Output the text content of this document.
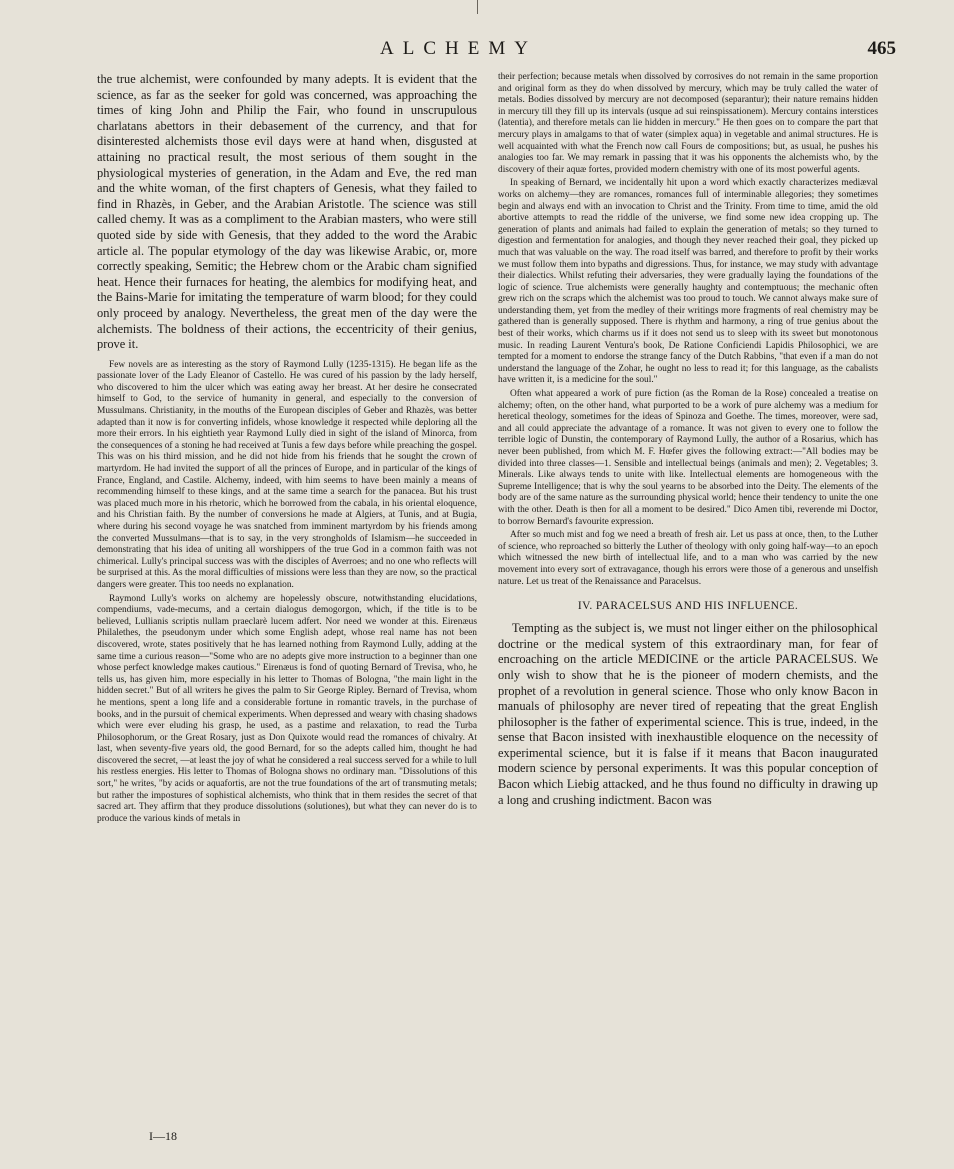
ALCHEMY	465

the true alchemist, were confounded by many adepts. It is evident that the science, as far as the seeker for gold was concerned, was approaching the times of king John and Philip the Fair, who found in unscrupulous charlatans abettors in their debasement of the currency, and that for disinterested alchemists those evil days were at hand when, disgusted at attaining no practical result, the most serious of them sought in the physiological mysteries of generation, in the Adam and Eve, the red man and the white woman, of the first chapters of Genesis, what they failed to find in Rhazès, in Geber, and the Arabian Aristotle. The science was still called chemy. It was as a compliment to the Arabian masters, who were still quoted side by side with Genesis, that they added to the word the Arabic article al. The popular etymology of the day was likewise Arabic, or, more correctly speaking, Semitic; the Hebrew chom or the Arabic cham signified heat. Hence their furnaces for heating, the alembics for modifying heat, and the Bains-Marie for imitating the temperature of warm blood; for they could only proceed by analogy. Nevertheless, the great men of the day were the alchemists. The boldness of their actions, the eccentricity of their genius, prove it.

Few novels are as interesting as the story of Raymond Lully (1235-1315). He began life as the passionate lover of the Lady Eleanor of Castello. He was cured of his passion by the lady herself, who discovered to him the ulcer which was eating away her breast. At her desire he consecrated himself to God, to the service of humanity in general, and especially to the conversion of Mussulmans. Christianity, in the mouths of the European disciples of Geber and Rhazès, was better adapted than it now is for converting infidels, whose knowledge it respected while deploring all the more their errors. In his eightieth year Raymond Lully died in sight of the island of Minorca, from the consequences of a stoning he had received at Tunis a few days before while preaching the gospel. This was on his third mission, and he did not hide from his friends that he sought the crown of martyrdom. He had invited the support of all the princes of Europe, and in particular of the kings of France, England, and Castile. Alchemy, indeed, with him seems to have been mainly a means of recommending himself to these kings, and at the same time a search for the panacea. But his trust was placed much more in his rhetoric, which he borrowed from the cabala, in his oriental eloquence, and his Christian faith. By the number of conversions he made at Algiers, at Tunis, and at Bugia, where during his second voyage he was snatched from imminent martyrdom by his friends among the converted Mussulmans—that is to say, in the very strongholds of Islamism—he succeeded in demonstrating that his idea of uniting all worshippers of the true God in a common faith was not chimerical. Lully's principal success was with the disciples of Averroes; and no one who reflects will be surprised at this. As the moral difficulties of missions were less than they are now, so the practical dangers were greater. This too needs no explanation.

Raymond Lully's works on alchemy are hopelessly obscure, notwithstanding elucidations, compendiums, vade-mecums, and a certain dialogus demogorgon, which, if the title is to be believed, Lullianis scriptis nullam praeclarè lucem adfert. Nor need we wonder at this. Eirenæus Philalethes, the pseudonym under which some English adept, whose real name has not been discovered, wrote, states positively that he has learned nothing from Raymond Lully, adding at the same time a curious reason—"Some who are no adepts give more instruction to a beginner than one whose perfect knowledge makes cautious." Eirenæus is fond of quoting Bernard of Trevisa, who, he tells us, has given him, more especially in his letter to Thomas of Bologna, "the main light in the hidden secret." But of all writers he gives the palm to Sir George Ripley. Bernard of Trevisa, whom he mentions, spent a long life and a considerable fortune in romantic travels, in the purchase of books, and in the pursuit of chemical experiments. When depressed and weary with chasing shadows which were ever eluding his grasp, he used, as a pastime and relaxation, to read the Turba Philosophorum, or the Great Rosary, just as Don Quixote would read the romances of chivalry. At last, when seventy-five years old, the good Bernard, for so the adepts called him, thought he had discovered the secret, —at least the joy of what he considered a real success served for a while to lull his restless energies. His letter to Thomas of Bologna shows no ordinary man. "Dissolutions of this sort," he writes, "by acids or aquafortis, are not the true foundations of the art of transmuting metals; but rather the impostures of sophistical alchemists, who think that in them resides the secret of that sacred art. They affirm that they produce dissolutions (solutiones), but what they can never do is to produce the various kinds of metals in

their perfection; because metals when dissolved by corrosives do not remain in the same proportion and original form as they do when dissolved by mercury, which may be truly called the water of metals. Bodies dissolved by mercury are not decomposed (separantur); their nature remains hidden in mercury till they fill up its intervals (usque ad sui reinspissationem). Mercury contains interstices (latentia), and therefore metals can lie hidden in mercury." He then goes on to compare the part that mercury plays in amalgams to that of water (simplex aqua) in vegetable and animal structures. He is well acquainted with what the French now call Fours de compositions; but, as usual, he pushes his analogies too far. We may remark in passing that it was his opponents the alchemists who, by the discovery of their aquæ fortes, provided modern chemistry with one of its most powerful agents.

In speaking of Bernard, we incidentally hit upon a word which exactly characterizes mediæval works on alchemy—they are romances, romances full of interminable allegories; they sometimes begin and always end with an invocation to Christ and the Trinity. From time to time, amid the old abortive attempts to read the riddle of the universe, we find some new idea cropping up. The generation of plants and animals had failed to explain the generation of metals; so they turned to digestion and fermentation for analogies, and though they never reached their goal, they picked up much that was valuable on the way. The road itself was barred, and therefore to profit by their works we must follow them into bypaths and digressions. Thus, for instance, we may study with advantage their dialectics. Whilst refuting their adversaries, they were gradually laying the foundations of the logic of science. True alchemists were generally haughty and contemptuous; the mechanic often grew rich on the scraps which the alchemist was too proud to touch. We cannot always make sure of understanding them, yet from the medley of their writings more fragments of real chemistry may be gathered than is generally supposed. There is rhythm and harmony, a ring of true genius about the best of their works, which charms us if it does not send us to sleep with its sweet but monotonous music. In reading Laurent Ventura's book, De Ratione Conficiendi Lapidis Philosophici, we are tempted for a moment to endorse the strange fancy of the Dutch Rabbins, "that even if a man do not understand the language of the Zohar, he ought no less to read it; for this language, as the cabalists have written it, is a medicine for the soul."

Often what appeared a work of pure fiction (as the Roman de la Rose) concealed a treatise on alchemy; often, on the other hand, what purported to be a work of pure alchemy was a medium for heretical theology, sometimes for the ideas of Spinoza and Goethe. The times, moreover, were sad, and all could appreciate the advantage of a romance. It was not given to every one to follow the terrible logic of Dunstin, the contemporary of Raymond Lully, the author of a Rosarius, which has never been published, from which M. F. Hœfer gives the following extract:—"All bodies may be divided into three classes—1. Sensible and intellectual beings (animals and men); 2. Vegetables; 3. Minerals. Like always tends to unite with like. Intellectual elements are homogeneous with the Supreme Intelligence; that is why the soul yearns to be absorbed into the Deity. The elements of the body are of the same nature as the surrounding physical world; hence their tendency to unite the one with the other. Death is then for all a moment to be desired." Dico Amen tibi, reverende mi Doctor, to borrow Bernard's favourite expression.

After so much mist and fog we need a breath of fresh air. Let us pass at once, then, to the Luther of science, who reproached so bitterly the Luther of theology with only going half-way—to an epoch which witnessed the new birth of intellectual life, and to a man who was carried by the new movement into every sort of extravagance, though his errors were those of a generous and unselfish nature. Let us treat of the Renaissance and Paracelsus.

IV. PARACELSUS AND HIS INFLUENCE.

Tempting as the subject is, we must not linger either on the philosophical doctrine or the medical system of this extraordinary man, for fear of encroaching on the article MEDICINE or the article PARACELSUS. We only wish to show that he is the pioneer of modern chemists, and the prophet of a revolution in general science. Those who only know Bacon in manuals of philosophy are never tired of repeating that the great English philosopher is the father of experimental science. This is true, indeed, in the sense that Bacon insisted with inexhaustible eloquence on the necessity of experimental science, but it is false if it means that Bacon inaugurated modern science by personal experiments. It was this popular conception of Bacon which Liebig attacked, and he thus found no difficulty in drawing up a long and crushing indictment. Bacon was

I—18
